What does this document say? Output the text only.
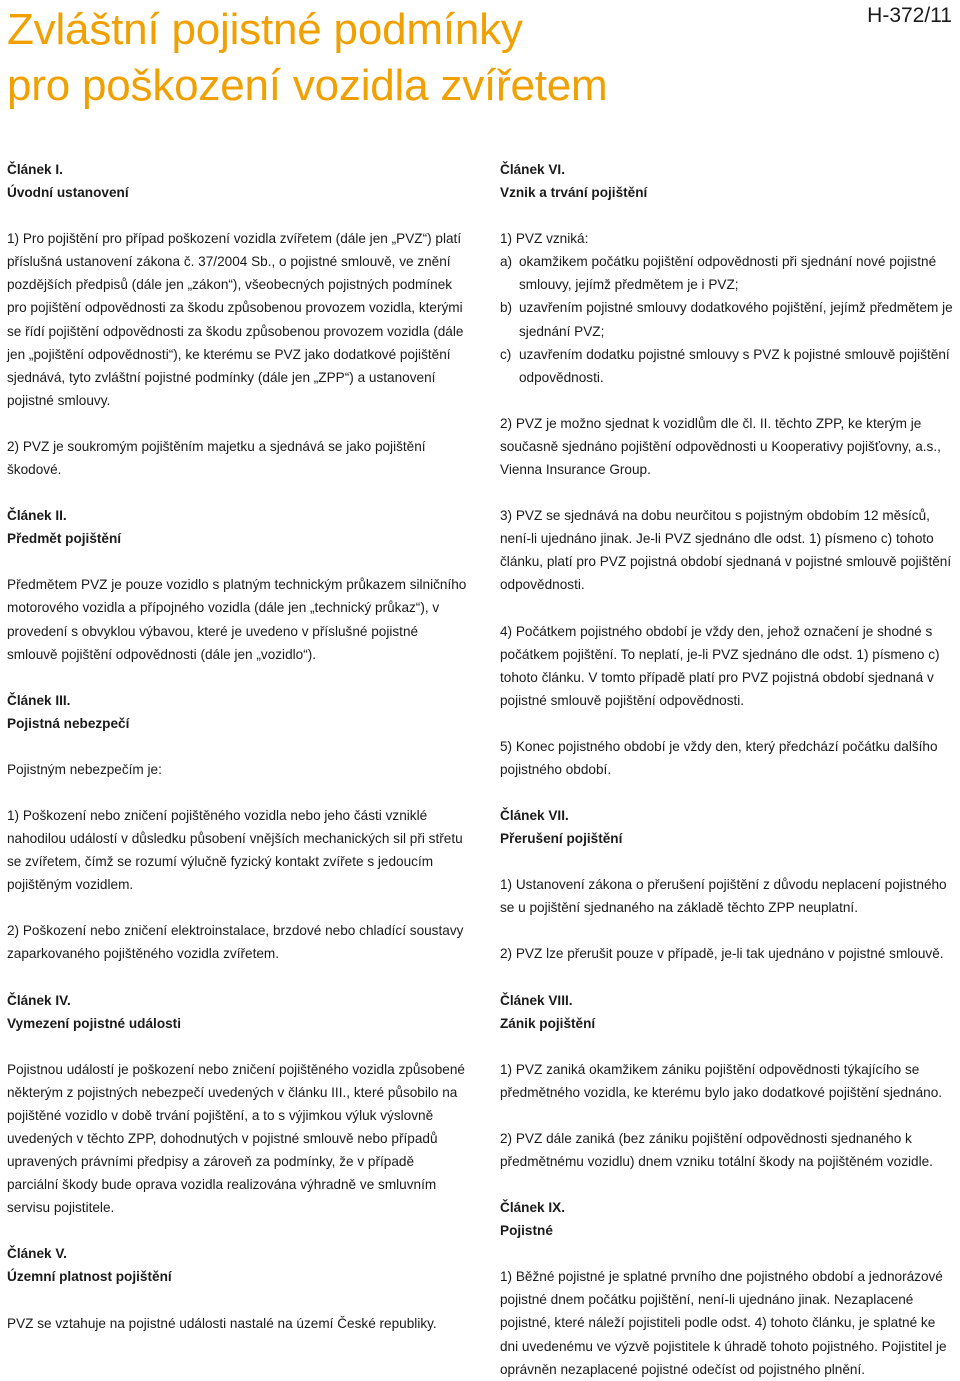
Zvláštní pojistné podmínky
pro poškození vozidla zvířetem
H-372/11
Článek I.
Úvodní ustanovení

1) Pro pojištění pro případ poškození vozidla zvířetem (dále jen „PVZ“) platí příslušná ustanovení zákona č. 37/2004 Sb., o pojistné smlouvě, ve znění pozdějších předpisů (dále jen „zákon“), všeobecných pojistných podmínek pro pojištění odpovědnosti za škodu způsobenou provozem vozidla, kterými se řídí pojištění odpovědnosti za škodu způsobenou provozem vozidla (dále jen „pojištění odpovědnosti“), ke kterému se PVZ jako dodatkové pojištění sjednává, tyto zvláštní pojistné podmínky (dále jen „ZPP“) a ustanovení pojistné smlouvy.

2) PVZ je soukromým pojištěním majetku a sjednává se jako pojištění škodové.

Článek II.
Předmět pojištění

Předmětem PVZ je pouze vozidlo s platným technickým průkazem silničního motorového vozidla a přípojného vozidla (dále jen „technický průkaz“), v provedení s obvyklou výbavou, které je uvedeno v příslušné pojistné smlouvě pojištění odpovědnosti (dále jen „vozidlo“).

Článek III.
Pojistná nebezpečí

Pojistným nebezpečím je:

1) Poškození nebo zničení pojištěného vozidla nebo jeho části vzniklé nahodilou událostí v důsledku působení vnějších mechanických sil při střetu se zvířetem, čímž se rozumí výlučně fyzický kontakt zvířete s jedoucím pojištěným vozidlem.

2) Poškození nebo zničení elektroinstalace, brzdové nebo chladící soustavy zaparkovaného pojištěného vozidla zvířetem.

Článek IV.
Vymezení pojistné události

Pojistnou událostí je poškození nebo zničení pojištěného vozidla způsobené některým z pojistných nebezpečí uvedených v článku III., které působilo na pojištěné vozidlo v době trvání pojištění, a to s výjimkou výluk výslovně uvedených v těchto ZPP, dohodnutých v pojistné smlouvě nebo případů upravených právními předpisy a zároveň za podmínky, že v případě parciální škody bude oprava vozidla realizována výhradně ve smluvním servisu pojistitele.

Článek V.
Územní platnost pojištění

PVZ se vztahuje na pojistné události nastalé na území České republiky.

Článek VI.
Vznik a trvání pojištění
1) PVZ vzniká:
a) okamžikem počátku pojištění odpovědnosti při sjednání nové pojistné smlouvy, jejímž předmětem je i PVZ;
b) uzavřením pojistné smlouvy dodatkového pojištění, jejímž předmětem je sjednání PVZ;
c) uzavřením dodatku pojistné smlouvy s PVZ k pojistné smlouvě pojištění odpovědnosti.

2) PVZ je možno sjednat k vozidlům dle čl. II. těchto ZPP, ke kterým je současně sjednáno pojištění odpovědnosti u Kooperativy pojišťovny, a.s., Vienna Insurance Group.

3) PVZ se sjednává na dobu neurčitou s pojistným obdobím 12 měsíců, není-li ujednáno jinak. Je-li PVZ sjednáno dle odst. 1) písmeno c) tohoto článku, platí pro PVZ pojistná období sjednaná v pojistné smlouvě pojištění odpovědnosti.

4) Počátkem pojistného období je vždy den, jehož označení je shodné s počátkem pojištění. To neplatí, je-li PVZ sjednáno dle odst. 1) písmeno c) tohoto článku. V tomto případě platí pro PVZ pojistná období sjednaná v pojistné smlouvě pojištění odpovědnosti.

5) Konec pojistného období je vždy den, který předchází počátku dalšího pojistného období.

Článek VII.
Přerušení pojištění

1) Ustanovení zákona o přerušení pojištění z důvodu neplacení pojistného se u pojištění sjednaného na základě těchto ZPP neuplatní.

2) PVZ lze přerušit pouze v případě, je-li tak ujednáno v pojistné smlouvě.

Článek VIII.
Zánik pojištění

1) PVZ zaniká okamžikem zániku pojištění odpovědnosti týkajícího se předmětného vozidla, ke kterému bylo jako dodatkové pojištění sjednáno.

2) PVZ dále zaniká (bez zániku pojištění odpovědnosti sjednaného k předmětnému vozidlu) dnem vzniku totální škody na pojištěném vozidle.

Článek IX.
Pojistné

1) Běžné pojistné je splatné prvního dne pojistného období a jednorázové pojistné dnem počátku pojištění, není-li ujednáno jinak. Nezaplacené pojistné, které náleží pojistiteli podle odst. 4) tohoto článku, je splatné ke dni uvedenému ve výzvě pojistitele k úhradě tohoto pojistného. Pojistitel je oprávněn nezaplacené pojistné odečíst od pojistného plnění.
